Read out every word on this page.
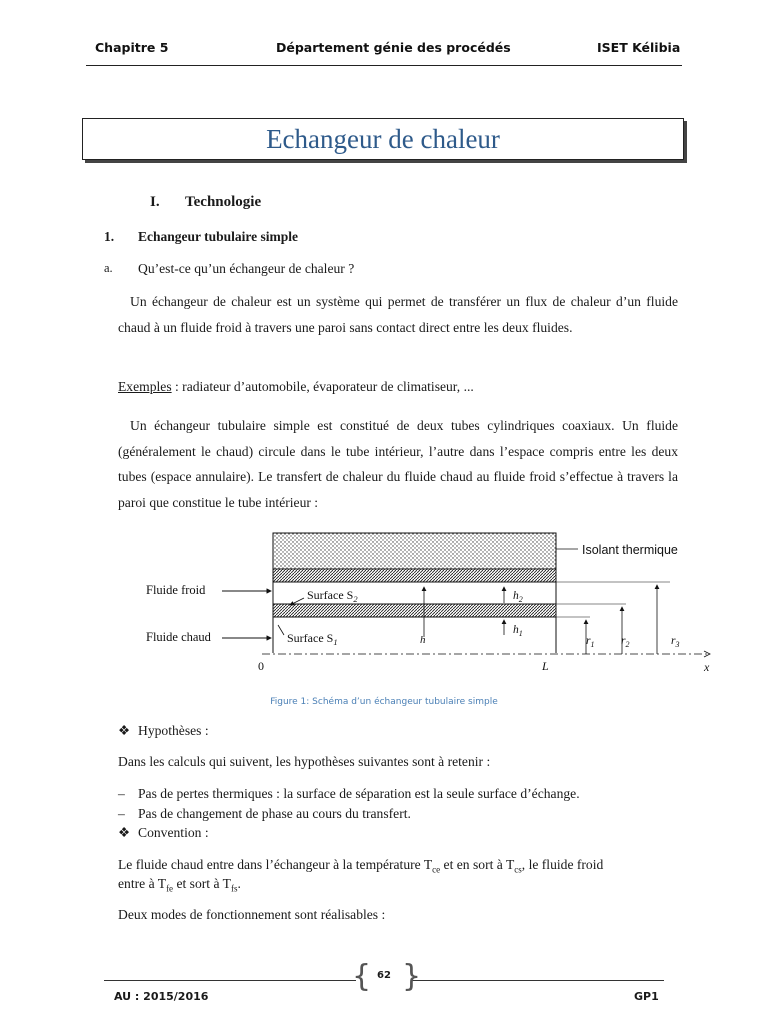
Chapitre 5	Département génie des procédés	ISET Kélibia
Echangeur de chaleur
I. Technologie
1. Echangeur tubulaire simple
a. Qu’est-ce qu’un échangeur de chaleur ?
Un échangeur de chaleur est un système qui permet de transférer un flux de chaleur d’un fluide chaud à un fluide froid à travers une paroi sans contact direct entre les deux fluides.
Exemples : radiateur d’automobile, évaporateur de climatiseur, ...
Un échangeur tubulaire simple est constitué de deux tubes cylindriques coaxiaux. Un fluide (généralement le chaud) circule dans le tube intérieur, l’autre dans l’espace compris entre les deux tubes (espace annulaire). Le transfert de chaleur du fluide chaud au fluide froid s’effectue à travers la paroi que constitue le tube intérieur :
Isolant thermique
Fluide froid
Fluide chaud
Surface $S_2$
Surface $S_1$	h
$h_2$
$h_1$
$r_1$ $r_2$	$r_3$
0	L	x
Figure 1: Schéma d’un échangeur tubulaire simple
❖ Hypothèses :
Dans les calculs qui suivent, les hypothèses suivantes sont à retenir :
– Pas de pertes thermiques : la surface de séparation est la seule surface d’échange.
– Pas de changement de phase au cours du transfert.
❖ Convention :
Le fluide chaud entre dans l’échangeur à la température $T_{ce}$ et en sort à $T_{cs}$, le fluide froid
entre à $T_{fe}$ et sort à $T_{fs}$.
Deux modes de fonctionnement sont réalisables :
{ }
62
AU : 2015/2016	GP1
